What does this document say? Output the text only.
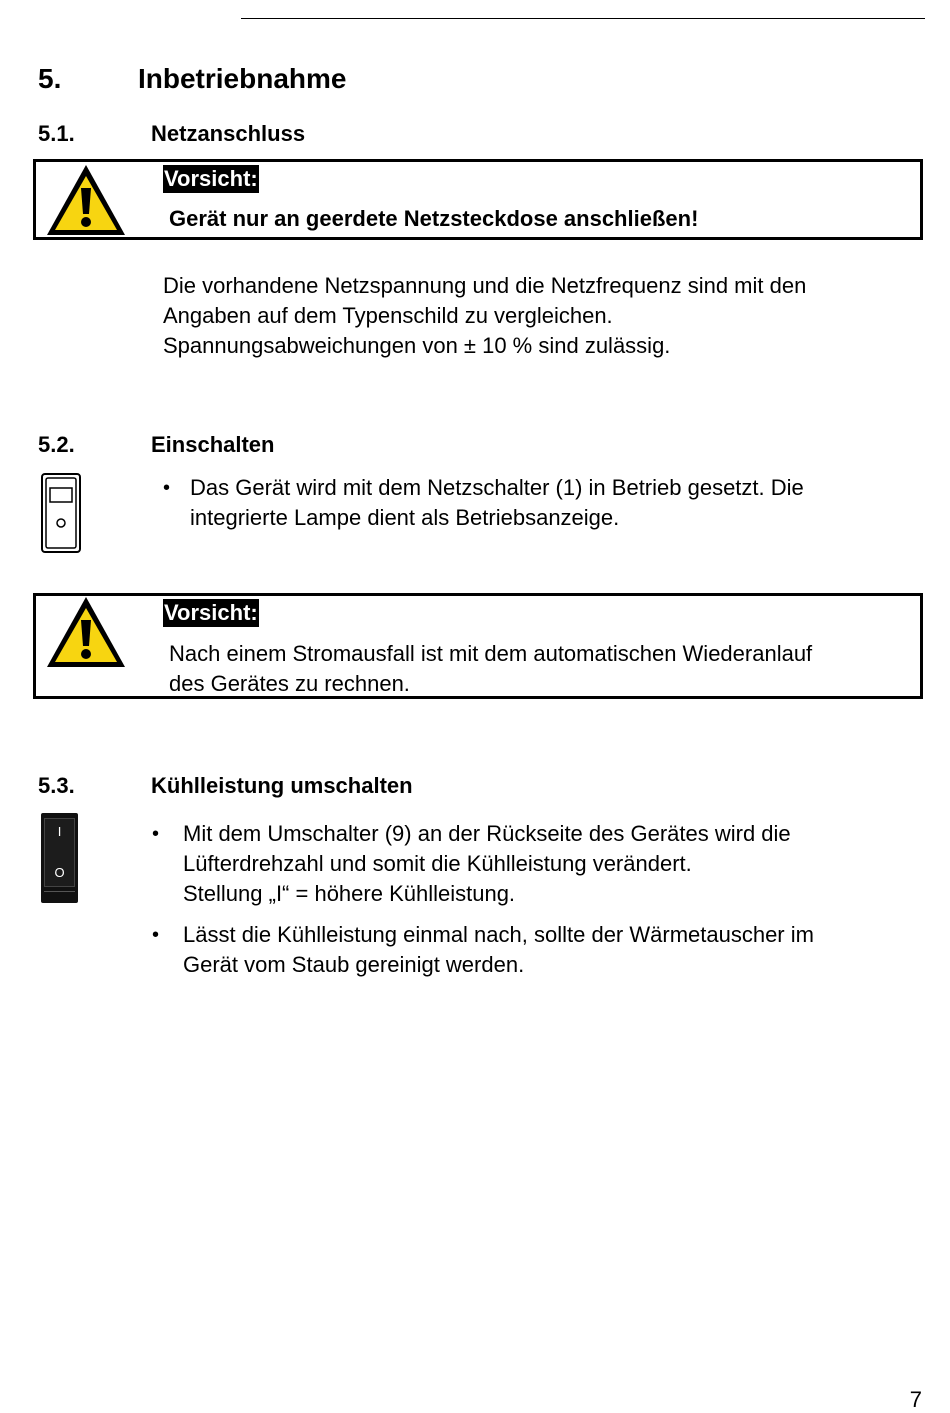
5.	Inbetriebnahme
5.1.	Netzanschluss
Vorsicht:
Gerät nur an geerdete Netzsteckdose anschließen!

Die vorhandene Netzspannung und die Netzfrequenz sind mit den

Angaben auf dem Typenschild zu vergleichen.

Spannungsabweichungen von ± 10 % sind zulässig.

5.2.	Einschalten
• Das Gerät wird mit dem Netzschalter (1) in Betrieb gesetzt. Die

integrierte Lampe dient als Betriebsanzeige.

Vorsicht:

Nach einem Stromausfall ist mit dem automatischen Wiederanlauf

des Gerätes zu rechnen.

5.3.	Kühlleistung umschalten
I
O
• Mit dem Umschalter (9) an der Rückseite des Gerätes wird die

Lüfterdrehzahl und somit die Kühlleistung verändert.

Stellung „I“ = höhere Kühlleistung.

• Lässt die Kühlleistung einmal nach, sollte der Wärmetauscher im

Gerät vom Staub gereinigt werden.

7
